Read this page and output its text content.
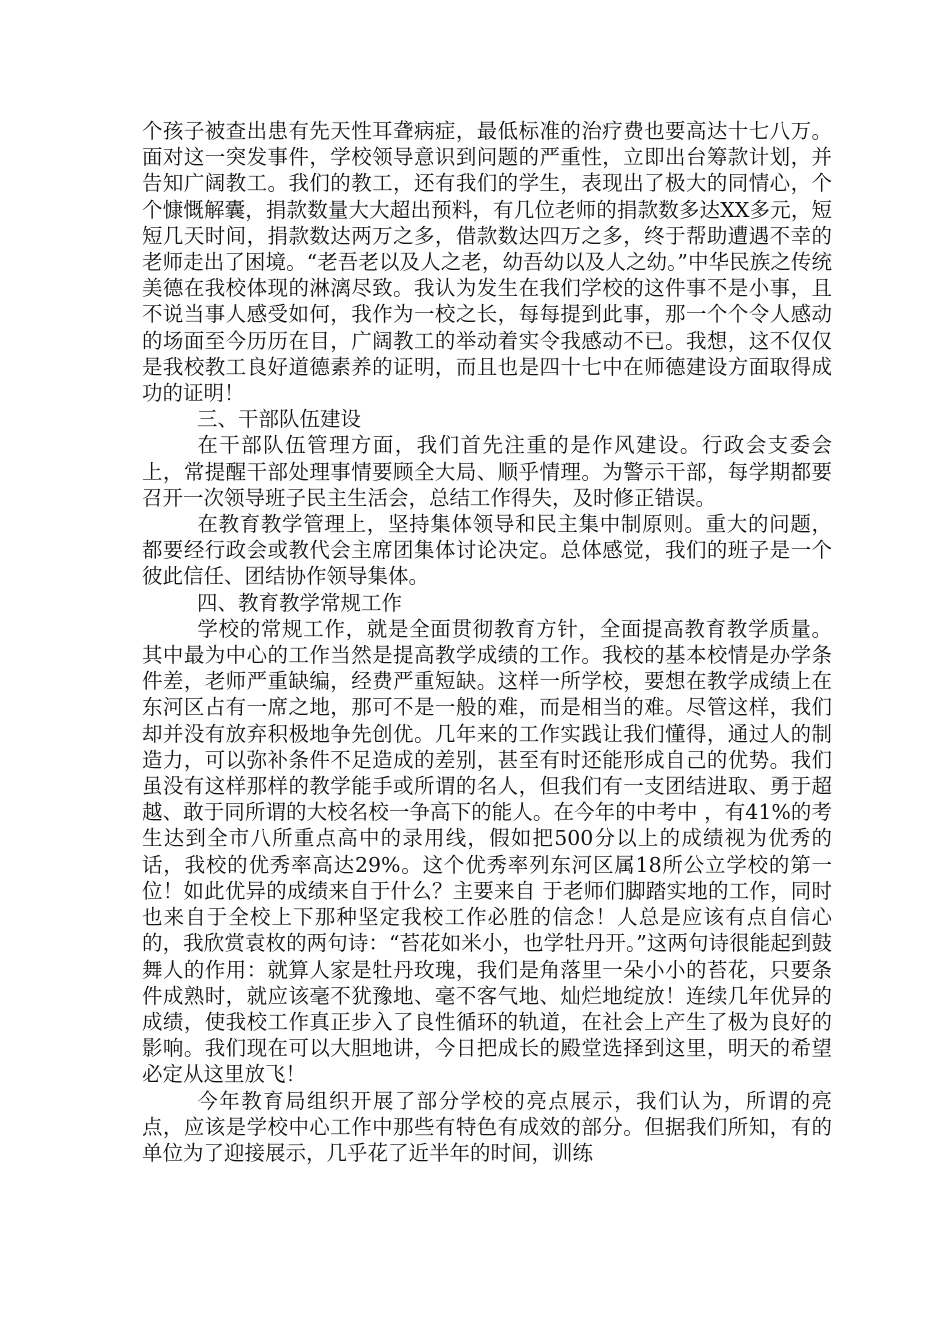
个孩子被查出患有先天性耳聋病症，最低标准的治疗费也要高达十七八万。面对这一突发事件，学校领导意识到问题的严重性，立即出台筹款计划，并告知广阔教工。我们的教工，还有我们的学生，表现出了极大的同情心，个个慷慨解囊，捐款数量大大超出预料，有几位老师的捐款数多达XX多元，短短几天时间，捐款数达两万之多，借款数达四万之多，终于帮助遭遇不幸的老师走出了困境。“老吾老以及人之老，幼吾幼以及人之幼。”中华民族之传统美德在我校体现的淋漓尽致。我认为发生在我们学校的这件事不是小事，且不说当事人感受如何，我作为一校之长，每每提到此事，那一个个令人感动的场面至今历历在目，广阔教工的举动着实令我感动不已。我想，这不仅仅是我校教工良好道德素养的证明，而且也是四十七中在师德建设方面取得成功的证明！

三、干部队伍建设

在干部队伍管理方面，我们首先注重的是作风建设。行政会支委会上，常提醒干部处理事情要顾全大局、顺乎情理。为警示干部，每学期都要召开一次领导班子民主生活会，总结工作得失，及时修正错误。

在教育教学管理上，坚持集体领导和民主集中制原则。重大的问题，都要经行政会或教代会主席团集体讨论决定。总体感觉，我们的班子是一个彼此信任、团结协作领导集体。

四、教育教学常规工作

学校的常规工作，就是全面贯彻教育方针，全面提高教育教学质量。其中最为中心的工作当然是提高教学成绩的工作。我校的基本校情是办学条件差，老师严重缺编，经费严重短缺。这样一所学校，要想在教学成绩上在东河区占有一席之地，那可不是一般的难，而是相当的难。尽管这样，我们却并没有放弃积极地争先创优。几年来的工作实践让我们懂得，通过人的制造力，可以弥补条件不足造成的差别，甚至有时还能形成自己的优势。我们虽没有这样那样的教学能手或所谓的名人，但我们有一支团结进取、勇于超越、敢于同所谓的大校名校一争高下的能人。在今年的中考中 ，有41%的考生达到全市八所重点高中的录用线，假如把500分以上的成绩视为优秀的话，我校的优秀率高达29%。这个优秀率列东河区属18所公立学校的第一位！如此优异的成绩来自于什么？主要来自 于老师们脚踏实地的工作，同时也来自于全校上下那种坚定我校工作必胜的信念！人总是应该有点自信心的，我欣赏袁枚的两句诗：“苔花如米小，也学牡丹开。”这两句诗很能起到鼓舞人的作用：就算人家是牡丹玫瑰，我们是角落里一朵小小的苔花，只要条件成熟时，就应该毫不犹豫地、毫不客气地、灿烂地绽放！连续几年优异的成绩，使我校工作真正步入了良性循环的轨道，在社会上产生了极为良好的影响。我们现在可以大胆地讲，今日把成长的殿堂选择到这里，明天的希望必定从这里放飞！

今年教育局组织开展了部分学校的亮点展示，我们认为，所谓的亮点，应该是学校中心工作中那些有特色有成效的部分。但据我们所知，有的单位为了迎接展示，几乎花了近半年的时间，训练
